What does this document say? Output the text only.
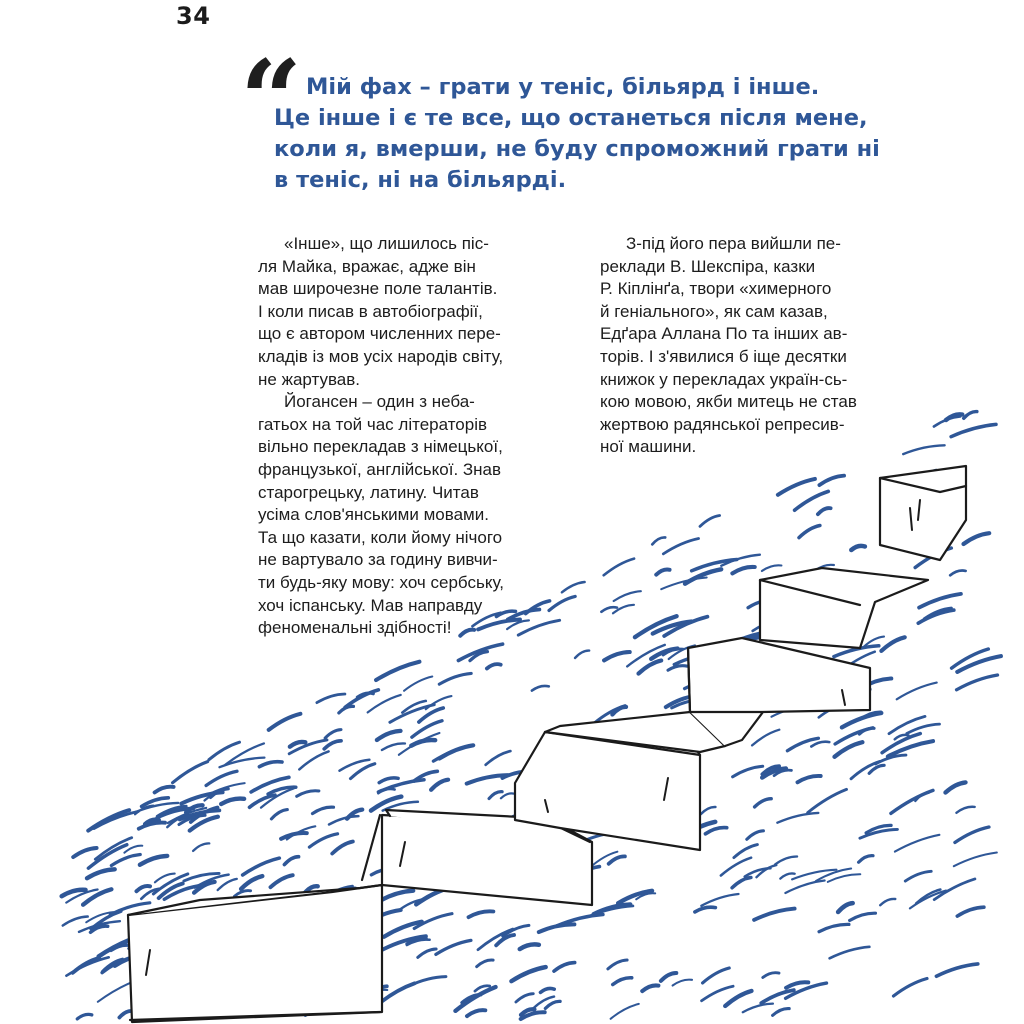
34
“ Мій фах – грати у теніс, більярд і інше.
Це інше і є те все, що останеться після мене,
коли я, вмерши, не буду спроможний грати ні
в теніс, ні на більярді.
«Інше», що лишилось піс-
ля Майка, вражає, адже він
мав широчезне поле талантів.
І коли писав в автобіографії,
що є автором численних пере-
кладів із мов усіх народів світу,
не жартував.
Йогансен – один з неба-
гатьох на той час літераторів
вільно перекладав з німецької,
французької, англійської. Знав
старогрецьку, латину. Читав
усіма слов'янськими мовами.
Та що казати, коли йому нічого
не вартувало за годину вивчи-
ти будь-яку мову: хоч сербську,
хоч іспанську. Мав направду
феноменальні здібності!
З-під його пера вийшли пе-
реклади В. Шекспіра, казки
Р. Кіплінґа, твори «химерного
й геніального», як сам казав,
Едґара Аллана По та інших ав-
торів. І з'явилися б іще десятки
книжок у перекладах україн-сь-
кою мовою, якби митець не став
жертвою радянської репресив-
ної машини.
